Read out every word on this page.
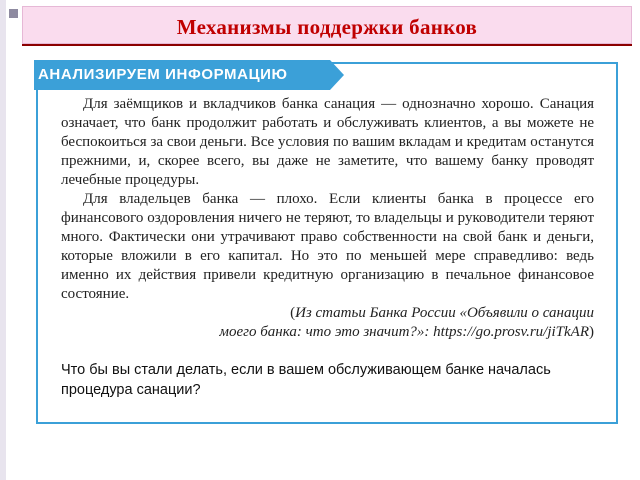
Механизмы поддержки банков
АНАЛИЗИРУЕМ ИНФОРМАЦИЮ

Для заёмщиков и вкладчиков банка санация — однозначно хорошо. Санация означает, что банк продолжит работать и обслуживать клиентов, а вы можете не беспокоиться за свои деньги. Все условия по вашим вкладам и кредитам останутся прежними, и, скорее всего, вы даже не заметите, что вашему банку проводят лечебные процедуры.

Для владельцев банка — плохо. Если клиенты банка в процессе его финансового оздоровления ничего не теряют, то владельцы и руководители теряют много. Фактически они утрачивают право собственности на свой банк и деньги, которые вложили в его капитал. Но это по меньшей мере справедливо: ведь именно их действия привели кредитную организацию в печальное финансовое состояние.

(Из статьи Банка России «Объявили о санации
моего банка: что это значит?»: https://go.prosv.ru/jiTkAR)

Что бы вы стали делать, если в вашем обслуживающем банке началась процедура санации?
